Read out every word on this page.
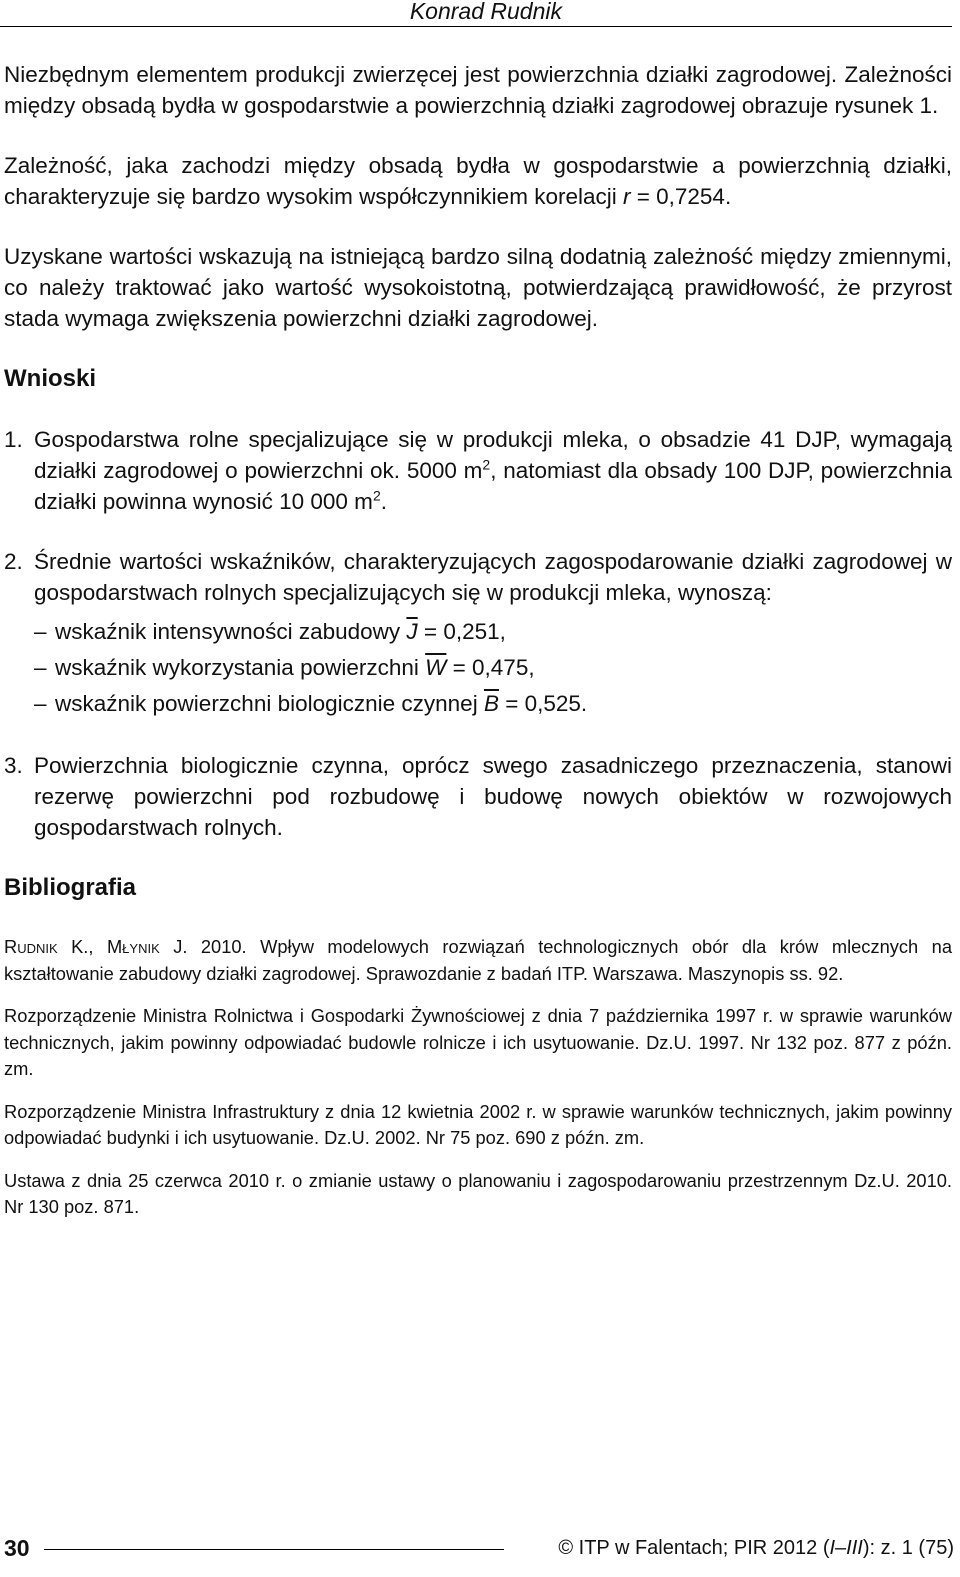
Konrad Rudnik

Niezbędnym elementem produkcji zwierzęcej jest powierzchnia działki zagrodowej. Zależności między obsadą bydła w gospodarstwie a powierzchnią działki zagrodowej obrazuje rysunek 1.

Zależność, jaka zachodzi między obsadą bydła w gospodarstwie a powierzchnią działki, charakteryzuje się bardzo wysokim współczynnikiem korelacji r = 0,7254.

Uzyskane wartości wskazują na istniejącą bardzo silną dodatnią zależność między zmiennymi, co należy traktować jako wartość wysokoistotną, potwierdzającą prawidłowość, że przyrost stada wymaga zwiększenia powierzchni działki zagrodowej.

Wnioski
1. Gospodarstwa rolne specjalizujące się w produkcji mleka, o obsadzie 41 DJP, wymagają działki zagrodowej o powierzchni ok. 5000 $m^2$, natomiast dla obsady 100 DJP, powierzchnia działki powinna wynosić 10 000 $m^2$.
2. Średnie wartości wskaźników, charakteryzujących zagospodarowanie działki zagrodowej w gospodarstwach rolnych specjalizujących się w produkcji mleka, wynoszą:
– wskaźnik intensywności zabudowy $\overline{J} = 0,251$,
– wskaźnik wykorzystania powierzchni $\overline{W} = 0,475$,
– wskaźnik powierzchni biologicznie czynnej $\overline{B} = 0,525$.
3. Powierzchnia biologicznie czynna, oprócz swego zasadniczego przeznaczenia, stanowi rezerwę powierzchni pod rozbudowę i budowę nowych obiektów w rozwojowych gospodarstwach rolnych.
Bibliografia

Rudnik K., Młynik J. 2010. Wpływ modelowych rozwiązań technologicznych obór dla krów mlecznych na kształtowanie zabudowy działki zagrodowej. Sprawozdanie z badań ITP. Warszawa. Maszynopis ss. 92.

Rozporządzenie Ministra Rolnictwa i Gospodarki Żywnościowej z dnia 7 października 1997 r. w sprawie warunków technicznych, jakim powinny odpowiadać budowle rolnicze i ich usytuowanie. Dz.U. 1997. Nr 132 poz. 877 z późn. zm.

Rozporządzenie Ministra Infrastruktury z dnia 12 kwietnia 2002 r. w sprawie warunków technicznych, jakim powinny odpowiadać budynki i ich usytuowanie. Dz.U. 2002. Nr 75 poz. 690 z późn. zm.

Ustawa z dnia 25 czerwca 2010 r. o zmianie ustawy o planowaniu i zagospodarowaniu przestrzennym Dz.U. 2010. Nr 130 poz. 871.

30	© ITP w Falentach; PIR 2012 (I–III): z. 1 (75)
